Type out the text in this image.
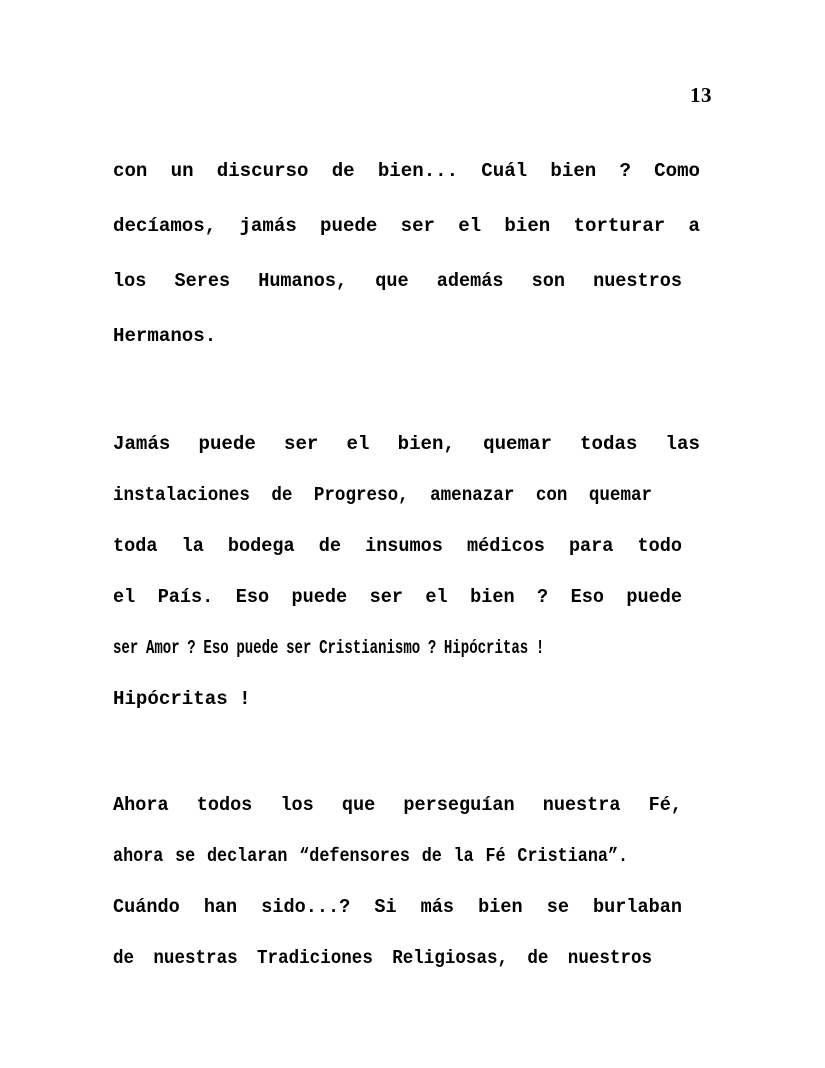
13

con un discurso de bien... Cuál bien ? Como
decíamos, jamás puede ser el bien torturar a
los Seres Humanos, que además son nuestros
Hermanos.

Jamás puede ser el bien, quemar todas las
instalaciones de Progreso, amenazar con quemar
toda la bodega de insumos médicos para todo
el País. Eso puede ser el bien ? Eso puede
ser Amor ? Eso puede ser Cristianismo ? Hipócritas !
Hipócritas !

Ahora todos los que perseguían nuestra Fé,
ahora se declaran “defensores de la Fé Cristiana”.
Cuándo han sido...? Si más bien se burlaban
de nuestras Tradiciones Religiosas, de nuestros
